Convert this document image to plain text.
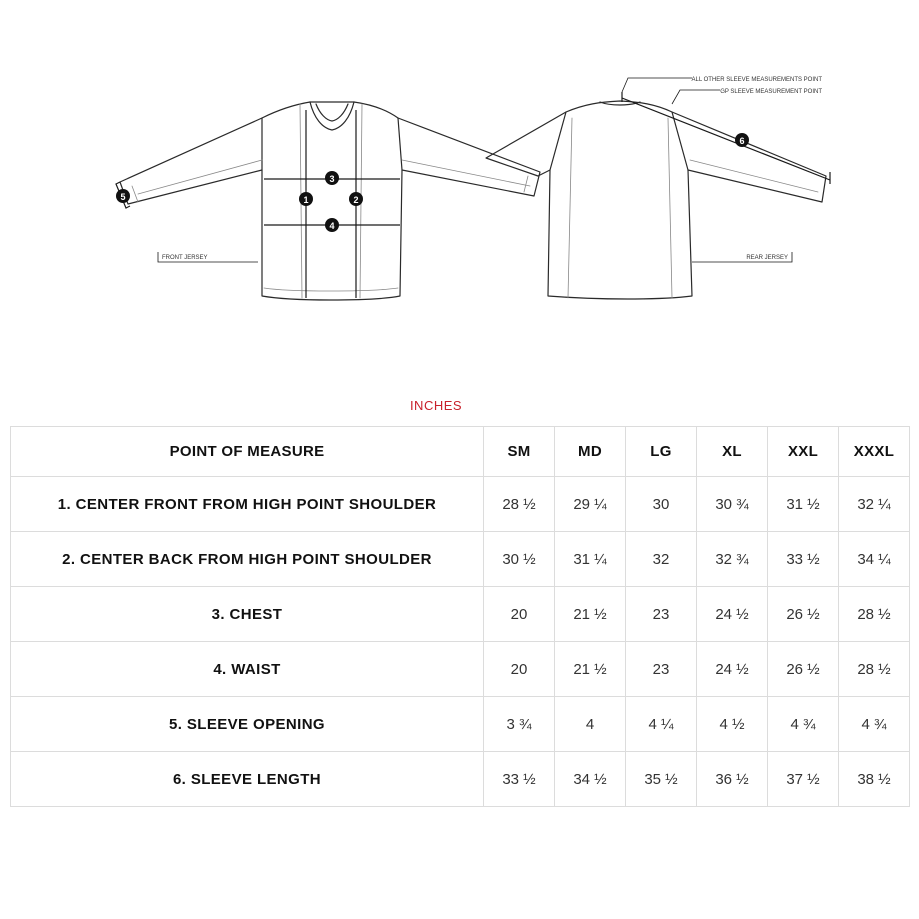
1	2
3
4
5
6
FRONT JERSEY	REAR JERSEY
ALL OTHER SLEEVE MEASUREMENTS POINT
GP SLEEVE MEASUREMENT POINT
INCHES
POINT OF MEASURE	SM	MD	LG	XL	XXL	XXXL
1. CENTER FRONT FROM HIGH POINT SHOULDER	28 ½	29 ¼	30	30 ¾	31 ½	32 ¼
2. CENTER BACK FROM HIGH POINT SHOULDER	30 ½	31 ¼	32	32 ¾	33 ½	34 ¼
3. CHEST	20	21 ½	23	24 ½	26 ½	28 ½
4. WAIST	20	21 ½	23	24 ½	26 ½	28 ½
5. SLEEVE OPENING	3 ¾	4	4 ¼	4 ½	4 ¾	4 ¾
6. SLEEVE LENGTH	33 ½	34 ½	35 ½	36 ½	37 ½	38 ½
